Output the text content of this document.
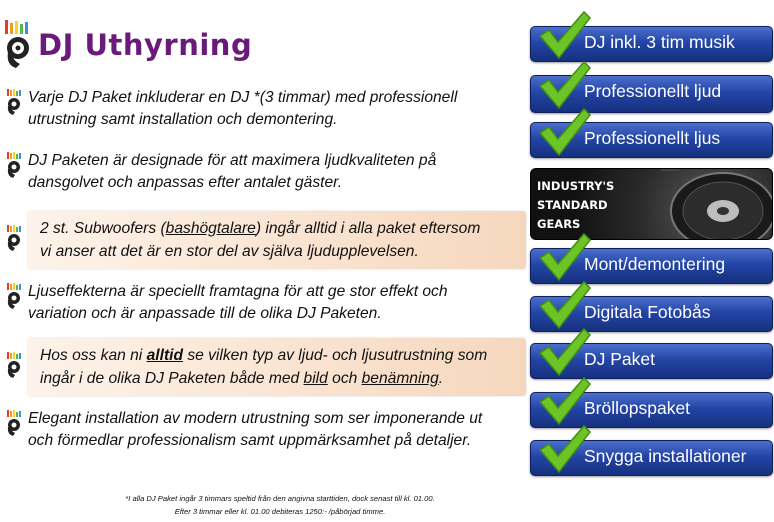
DJ Uthyrning
Varje DJ Paket inkluderar en DJ *(3 timmar) med professionell
utrustning samt installation och demontering.
DJ Paketen är designade för att maximera ljudkvaliteten på
dansgolvet och anpassas efter antalet gäster.
2 st. Subwoofers (bashögtalare) ingår alltid i alla paket eftersom
vi anser att det är en stor del av själva ljudupplevelsen.
Ljuseffekterna är speciellt framtagna för att ge stor effekt och
variation och är anpassade till de olika DJ Paketen.
Hos oss kan ni alltid se vilken typ av ljud- och ljusutrustning som
ingår i de olika DJ Paketen både med bild och benämning.
Elegant installation av modern utrustning som ser imponerande ut
och förmedlar professionalism samt uppmärksamhet på detaljer.
*I alla DJ Paket ingår 3 timmars speltid från den angivna starttiden, dock senast till kl. 01.00.
Efter 3 timmar eller kl. 01.00 debiteras 1250:- /påbörjad timme.
DJ inkl. 3 tim musik
Professionellt ljud
Professionellt ljus
INDUSTRY'S
STANDARD
GEARS
Mont/demontering
Digitala Fotobås
DJ Paket
Bröllopspaket
Snygga installationer
